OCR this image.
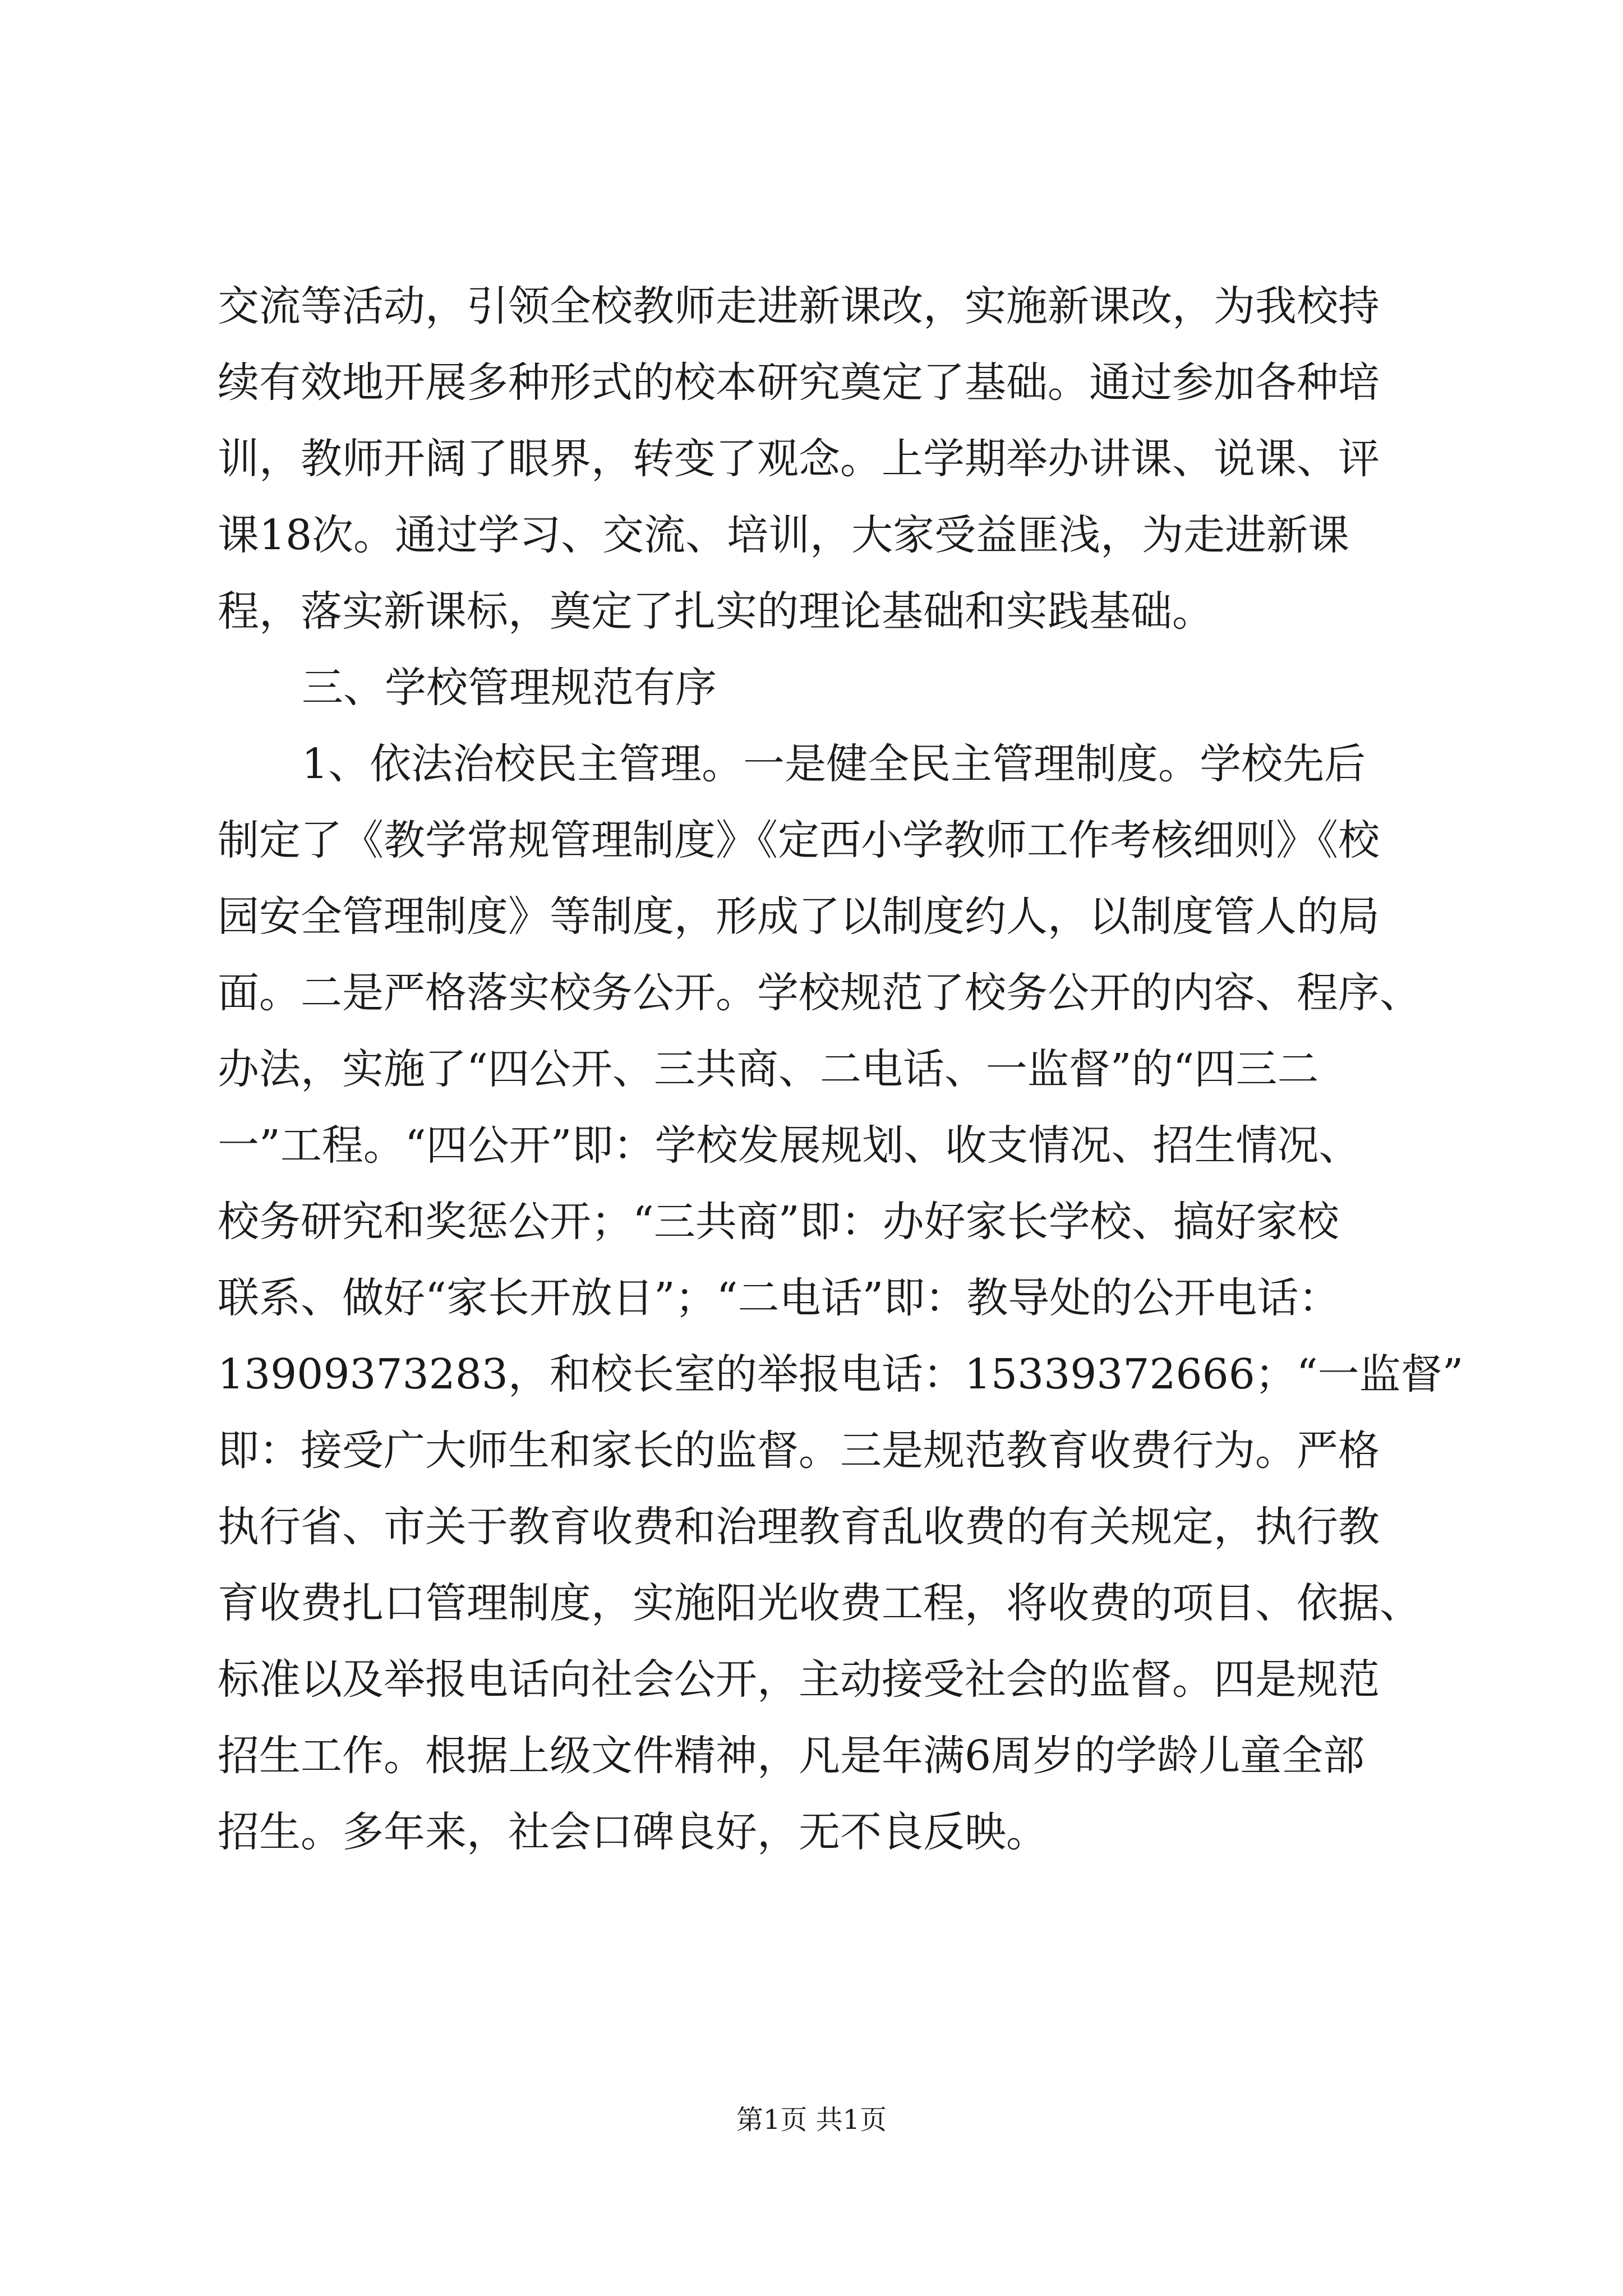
交流等活动，引领全校教师走进新课改，实施新课改，为我校持
续有效地开展多种形式的校本研究奠定了基础。通过参加各种培
训，教师开阔了眼界，转变了观念。上学期举办讲课、说课、评
课18次。通过学习、交流、培训，大家受益匪浅，为走进新课
程，落实新课标，奠定了扎实的理论基础和实践基础。
三、学校管理规范有序
1、依法治校民主管理。一是健全民主管理制度。学校先后
制定了《教学常规管理制度》《定西小学教师工作考核细则》《校
园安全管理制度》等制度，形成了以制度约人，以制度管人的局
面。二是严格落实校务公开。学校规范了校务公开的内容、程序、
办法，实施了“四公开、三共商、二电话、一监督”的“四三二
一”工程。“四公开”即：学校发展规划、收支情况、招生情况、
校务研究和奖惩公开；“三共商”即：办好家长学校、搞好家校
联系、做好“家长开放日”；“二电话”即：教导处的公开电话：
13909373283，和校长室的举报电话：15339372666；“一监督”
即：接受广大师生和家长的监督。三是规范教育收费行为。严格
执行省、市关于教育收费和治理教育乱收费的有关规定，执行教
育收费扎口管理制度，实施阳光收费工程，将收费的项目、依据、
标准以及举报电话向社会公开，主动接受社会的监督。四是规范
招生工作。根据上级文件精神，凡是年满6周岁的学龄儿童全部
招生。多年来，社会口碑良好，无不良反映。
第1页 共1页
